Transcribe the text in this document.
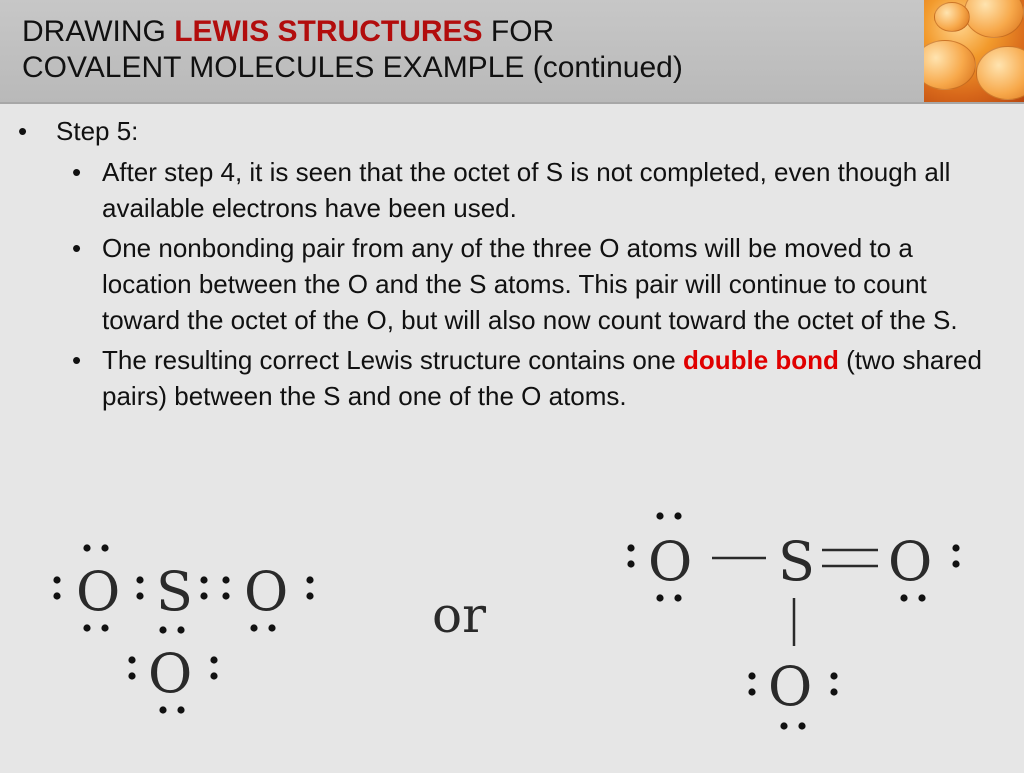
DRAWING LEWIS STRUCTURES FOR
COVALENT MOLECULES EXAMPLE (continued)
• Step 5:
• After step 4, it is seen that the octet of S is not completed, even though all available electrons have been used.
• One nonbonding pair from any of the three O atoms will be moved to a location between the O and the S atoms. This pair will continue to count toward the octet of the O, but will also now count toward the octet of the S.
• The resulting correct Lewis structure contains one double bond (two shared pairs) between the S and one of the O atoms.
O S O
O
or
O S O
O
